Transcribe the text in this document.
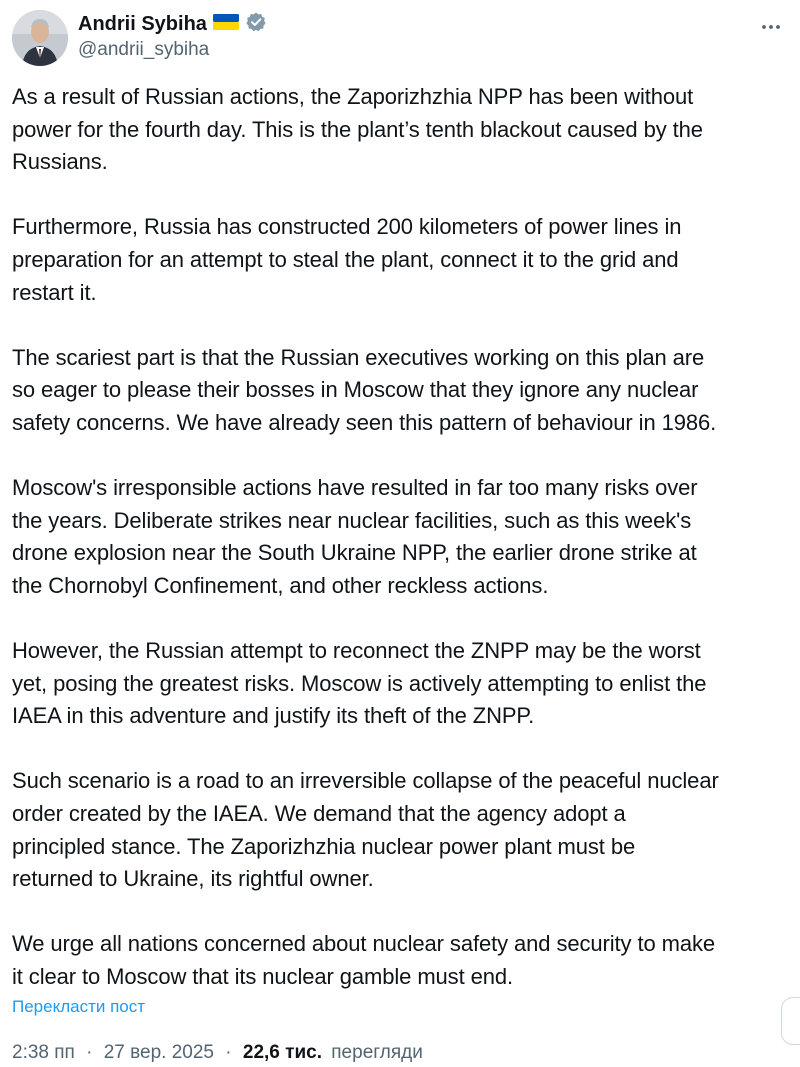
Andrii Sybiha
@andrii_sybiha

As a result of Russian actions, the Zaporizhzhia NPP has been without
power for the fourth day. This is the plant’s tenth blackout caused by the
Russians.

Furthermore, Russia has constructed 200 kilometers of power lines in
preparation for an attempt to steal the plant, connect it to the grid and
restart it.

The scariest part is that the Russian executives working on this plan are
so eager to please their bosses in Moscow that they ignore any nuclear
safety concerns. We have already seen this pattern of behaviour in 1986.

Moscow's irresponsible actions have resulted in far too many risks over
the years. Deliberate strikes near nuclear facilities, such as this week's
drone explosion near the South Ukraine NPP, the earlier drone strike at
the Chornobyl Confinement, and other reckless actions.

However, the Russian attempt to reconnect the ZNPP may be the worst
yet, posing the greatest risks. Moscow is actively attempting to enlist the
IAEA in this adventure and justify its theft of the ZNPP.

Such scenario is a road to an irreversible collapse of the peaceful nuclear
order created by the IAEA. We demand that the agency adopt a
principled stance. The Zaporizhzhia nuclear power plant must be
returned to Ukraine, its rightful owner.

We urge all nations concerned about nuclear safety and security to make
it clear to Moscow that its nuclear gamble must end.

Перекласти пост
2:38 пп · 27 вер. 2025 · 22,6 тис. перегляди
